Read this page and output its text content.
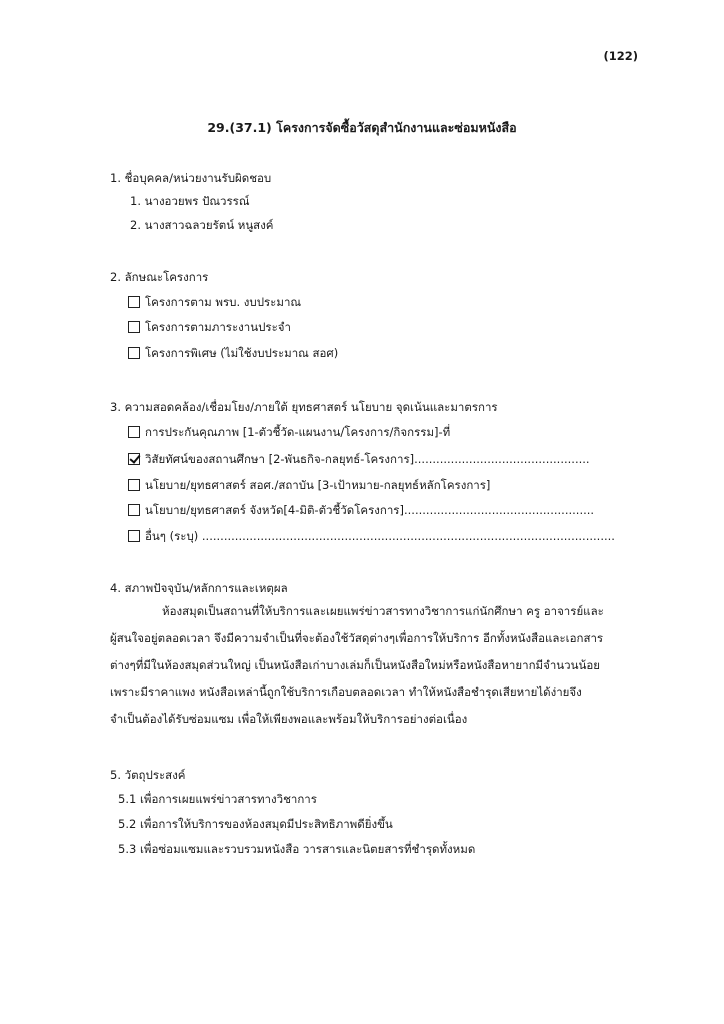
(122)
29.(37.1) โครงการจัดซื้อวัสดุสำนักงานและซ่อมหนังสือ
1. ชื่อบุคคล/หน่วยงานรับผิดชอบ
1. นางอวยพร ปัณวรรณ์
2. นางสาวฉลวยรัตน์ หนูสงค์
2. ลักษณะโครงการ
โครงการตาม พรบ. งบประมาณ
โครงการตามภาระงานประจำ
โครงการพิเศษ (ไม่ใช้งบประมาณ สอศ)
3. ความสอดคล้อง/เชื่อมโยง/ภายใต้ ยุทธศาสตร์ นโยบาย จุดเน้นและมาตรการ
การประกันคุณภาพ [1-ตัวชี้วัด-แผนงาน/โครงการ/กิจกรรม]-ที่
วิสัยทัศน์ของสถานศึกษา [2-พันธกิจ-กลยุทธ์-โครงการ]................................................
นโยบาย/ยุทธศาสตร์ สอศ./สถาบัน [3-เป้าหมาย-กลยุทธ์หลักโครงการ]
นโยบาย/ยุทธศาสตร์ จังหวัด[4-มิติ-ตัวชี้วัดโครงการ]....................................................
อื่นๆ (ระบุ) .................................................................................................................
4. สภาพปัจจุบัน/หลักการและเหตุผล
ห้องสมุดเป็นสถานที่ให้บริการและเผยแพร่ข่าวสารทางวิชาการแก่นักศึกษา ครู อาจารย์และ
ผู้สนใจอยู่ตลอดเวลา จึงมีความจำเป็นที่จะต้องใช้วัสดุต่างๆเพื่อการให้บริการ อีกทั้งหนังสือและเอกสาร
ต่างๆที่มีในห้องสมุดส่วนใหญ่ เป็นหนังสือเก่าบางเล่มก็เป็นหนังสือใหม่หรือหนังสือหายากมีจำนวนน้อย
เพราะมีราคาแพง หนังสือเหล่านี้ถูกใช้บริการเกือบตลอดเวลา ทำให้หนังสือชำรุดเสียหายได้ง่ายจึง
จำเป็นต้องได้รับซ่อมแซม เพื่อให้เพียงพอและพร้อมให้บริการอย่างต่อเนื่อง
5. วัตถุประสงค์
5.1 เพื่อการเผยแพร่ข่าวสารทางวิชาการ
5.2 เพื่อการให้บริการของห้องสมุดมีประสิทธิภาพดียิ่งขึ้น
5.3 เพื่อซ่อมแซมและรวบรวมหนังสือ วารสารและนิตยสารที่ชำรุดทั้งหมด
